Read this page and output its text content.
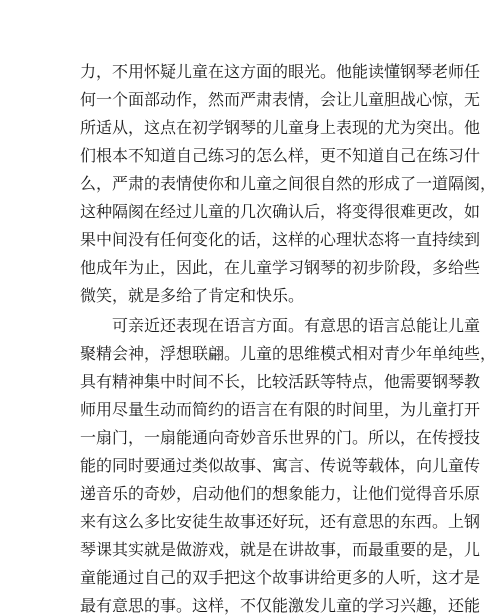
力，不用怀疑儿童在这方面的眼光。他能读懂钢琴老师任
何一个面部动作，然而严肃表情，会让儿童胆战心惊，无
所适从，这点在初学钢琴的儿童身上表现的尤为突出。他
们根本不知道自己练习的怎么样，更不知道自己在练习什
么，严肃的表情使你和儿童之间很自然的形成了一道隔阂，
这种隔阂在经过儿童的几次确认后，将变得很难更改，如
果中间没有任何变化的话，这样的心理状态将一直持续到
他成年为止，因此，在儿童学习钢琴的初步阶段，多给些
微笑，就是多给了肯定和快乐。
可亲近还表现在语言方面。有意思的语言总能让儿童
聚精会神，浮想联翩。儿童的思维模式相对青少年单纯些，
具有精神集中时间不长，比较活跃等特点，他需要钢琴教
师用尽量生动而简约的语言在有限的时间里，为儿童打开
一扇门，一扇能通向奇妙音乐世界的门。所以，在传授技
能的同时要通过类似故事、寓言、传说等载体，向儿童传
递音乐的奇妙，启动他们的想象能力，让他们觉得音乐原
来有这么多比安徒生故事还好玩，还有意思的东西。上钢
琴课其实就是做游戏，就是在讲故事，而最重要的是，儿
童能通过自己的双手把这个故事讲给更多的人听，这才是
最有意思的事。这样，不仅能激发儿童的学习兴趣，还能
